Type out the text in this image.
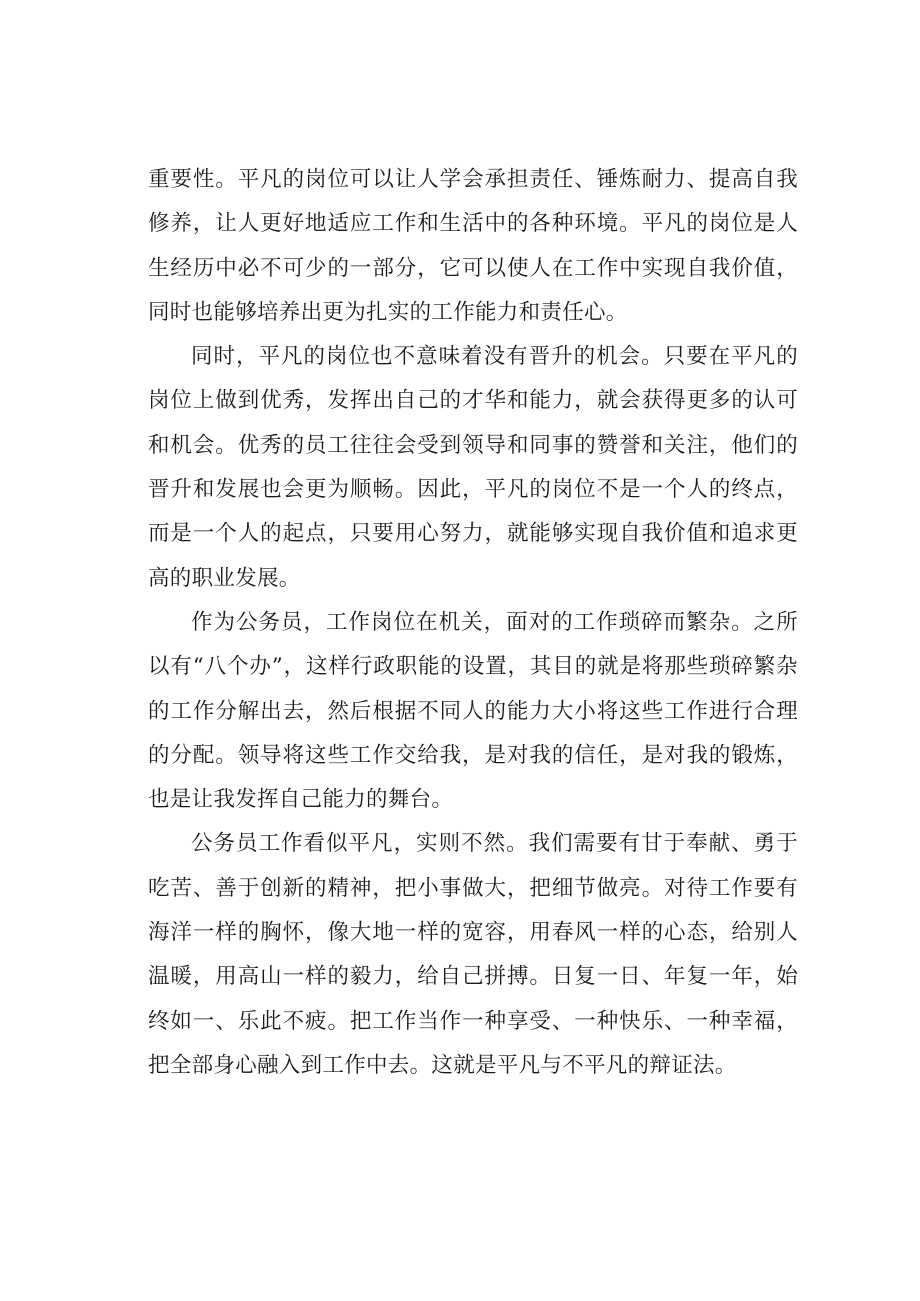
重要性。平凡的岗位可以让人学会承担责任、锤炼耐力、提高自我修养，让人更好地适应工作和生活中的各种环境。平凡的岗位是人生经历中必不可少的一部分，它可以使人在工作中实现自我价值，同时也能够培养出更为扎实的工作能力和责任心。

同时，平凡的岗位也不意味着没有晋升的机会。只要在平凡的岗位上做到优秀，发挥出自己的才华和能力，就会获得更多的认可和机会。优秀的员工往往会受到领导和同事的赞誉和关注，他们的晋升和发展也会更为顺畅。因此，平凡的岗位不是一个人的终点，而是一个人的起点，只要用心努力，就能够实现自我价值和追求更高的职业发展。

作为公务员，工作岗位在机关，面对的工作琐碎而繁杂。之所以有“八个办”，这样行政职能的设置，其目的就是将那些琐碎繁杂的工作分解出去，然后根据不同人的能力大小将这些工作进行合理的分配。领导将这些工作交给我，是对我的信任，是对我的锻炼，也是让我发挥自己能力的舞台。

公务员工作看似平凡，实则不然。我们需要有甘于奉献、勇于吃苦、善于创新的精神，把小事做大，把细节做亮。对待工作要有海洋一样的胸怀，像大地一样的宽容，用春风一样的心态，给别人温暖，用高山一样的毅力，给自己拼搏。日复一日、年复一年，始终如一、乐此不疲。把工作当作一种享受、一种快乐、一种幸福，把全部身心融入到工作中去。这就是平凡与不平凡的辩证法。
